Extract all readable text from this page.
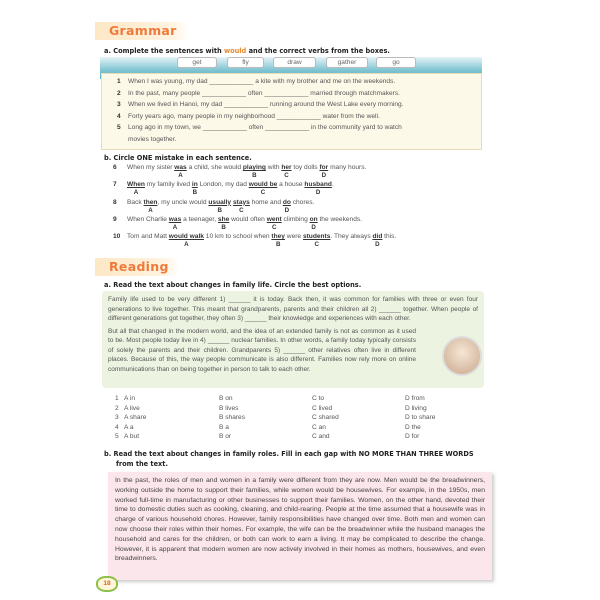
Grammar
a. Complete the sentences with would and the correct verbs from the boxes.
get	fly	draw	gather	go
1 When I was young, my dad ____________ a kite with my brother and me on the weekends.
2 In the past, many people ____________ often ____________ married through matchmakers.
3 When we lived in Hanoi, my dad ____________ running around the West Lake every morning.
4 Forty years ago, many people in my neighborhood ____________ water from the well.
5 Long ago in my town, we ____________ often ____________ in the community yard to watch
movies together.
b. Circle ONE mistake in each sentence.
6 When my sister was
A
a child, she would playing
B
with her
C
toy dolls for
D
many hours.
7 When
A
my family lived in
B
London, my dad would be
C
a house husband
D
.
8 Back then
A
, my uncle would usually
B
stays
C
home and do
D
chores.
9 When Charlie was
A
a teenager, she
B
would often went
C
climbing on
D
the weekends.
10 Tom and Matt would walk
A
10 km to school when they
B
were students
C
. They always did
D
this.
Reading
a. Read the text about changes in family life. Circle the best options.

Family life used to be very different 1) ______ it is today. Back then, it was common for families with three or even four generations to live together. This meant that grandparents, parents and their children all 2) ______ together. When people of different generations got together, they often 3) ______ their knowledge and experiences with each other.

But all that changed in the modern world, and the idea of an extended family is not as common as it used to be. Most people today live in 4) ______ nuclear families. In other words, a family today typically consists of solely the parents and their children. Grandparents 5) ______ other relatives often live in different places. Because of this, the way people communicate is also different. Families now rely more on online communications than on being together in person to talk to each other.

1 A in	B on	C to	D from
2 A live	B lives	C lived	D living
3 A share	B shares	C shared	D to share
4 A a	B a	C an	D the
5 A but	B or	C and	D for
b. Read the text about changes in family roles. Fill in each gap with NO MORE THAN THREE WORDS
from the text.
In the past, the roles of men and women in a family were different from they are now. Men would be the breadwinners, working outside the home to support their families, while women would be housewives. For example, in the 1950s, men worked full-time in manufacturing or other businesses to support their families. Women, on the other hand, devoted their time to domestic duties such as cooking, cleaning, and child-rearing. People at the time assumed that a housewife was in charge of various household chores. However, family responsibilities have changed over time. Both men and women can now choose their roles within their homes. For example, the wife can be the breadwinner while the husband manages the household and cares for the children, or both can work to earn a living. It may be complicated to describe the change. However, it is apparent that modern women are now actively involved in their homes as mothers, housewives, and even breadwinners.
18
